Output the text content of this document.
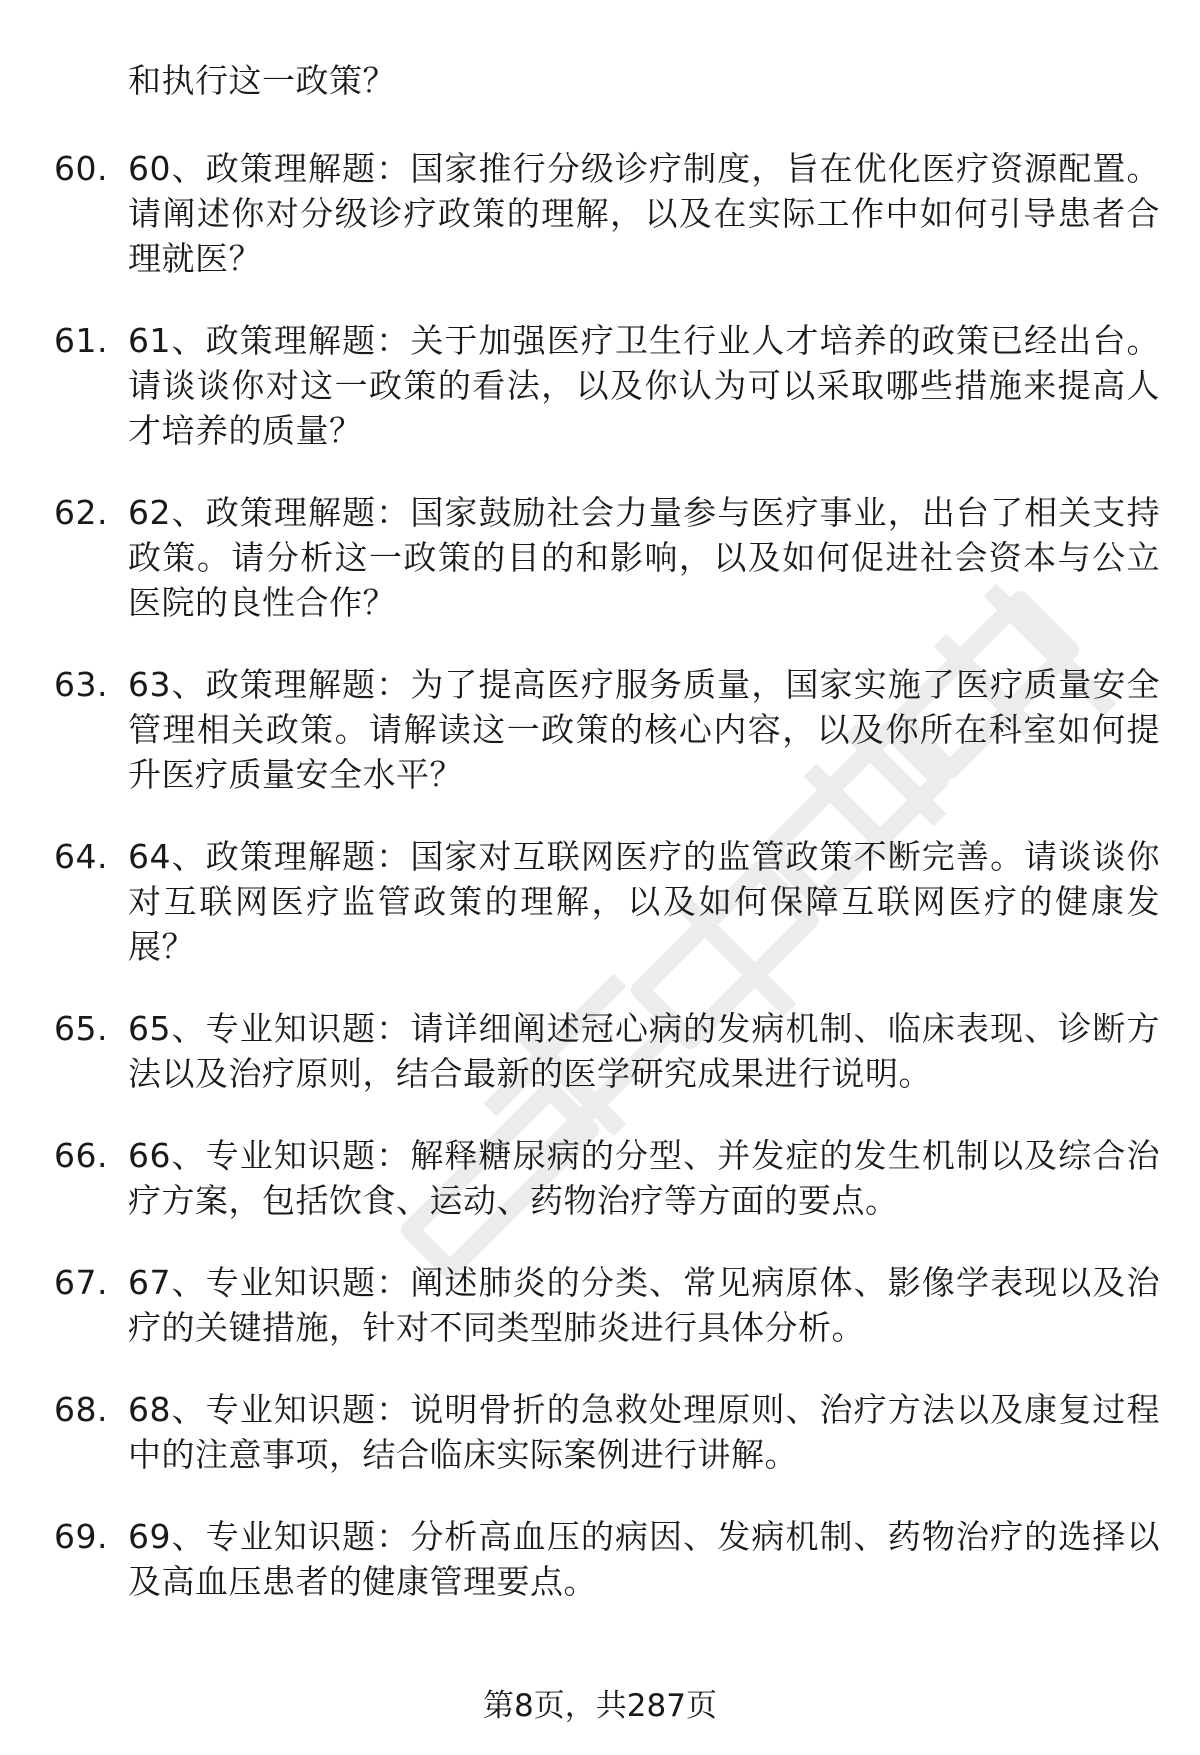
和执行这一政策？
60. 60、政策理解题：国家推行分级诊疗制度，旨在优化医疗资源配置。请阐述你对分级诊疗政策的理解，以及在实际工作中如何引导患者合理就医？
61. 61、政策理解题：关于加强医疗卫生行业人才培养的政策已经出台。请谈谈你对这一政策的看法，以及你认为可以采取哪些措施来提高人才培养的质量？
62. 62、政策理解题：国家鼓励社会力量参与医疗事业，出台了相关支持政策。请分析这一政策的目的和影响，以及如何促进社会资本与公立医院的良性合作？
63. 63、政策理解题：为了提高医疗服务质量，国家实施了医疗质量安全管理相关政策。请解读这一政策的核心内容，以及你所在科室如何提升医疗质量安全水平？
64. 64、政策理解题：国家对互联网医疗的监管政策不断完善。请谈谈你对互联网医疗监管政策的理解，以及如何保障互联网医疗的健康发展？
65. 65、专业知识题：请详细阐述冠心病的发病机制、临床表现、诊断方法以及治疗原则，结合最新的医学研究成果进行说明。
66. 66、专业知识题：解释糖尿病的分型、并发症的发生机制以及综合治疗方案，包括饮食、运动、药物治疗等方面的要点。
67. 67、专业知识题：阐述肺炎的分类、常见病原体、影像学表现以及治疗的关键措施，针对不同类型肺炎进行具体分析。
68. 68、专业知识题：说明骨折的急救处理原则、治疗方法以及康复过程中的注意事项，结合临床实际案例进行讲解。
69. 69、专业知识题：分析高血压的病因、发病机制、药物治疗的选择以及高血压患者的健康管理要点。
第8页，共287页
